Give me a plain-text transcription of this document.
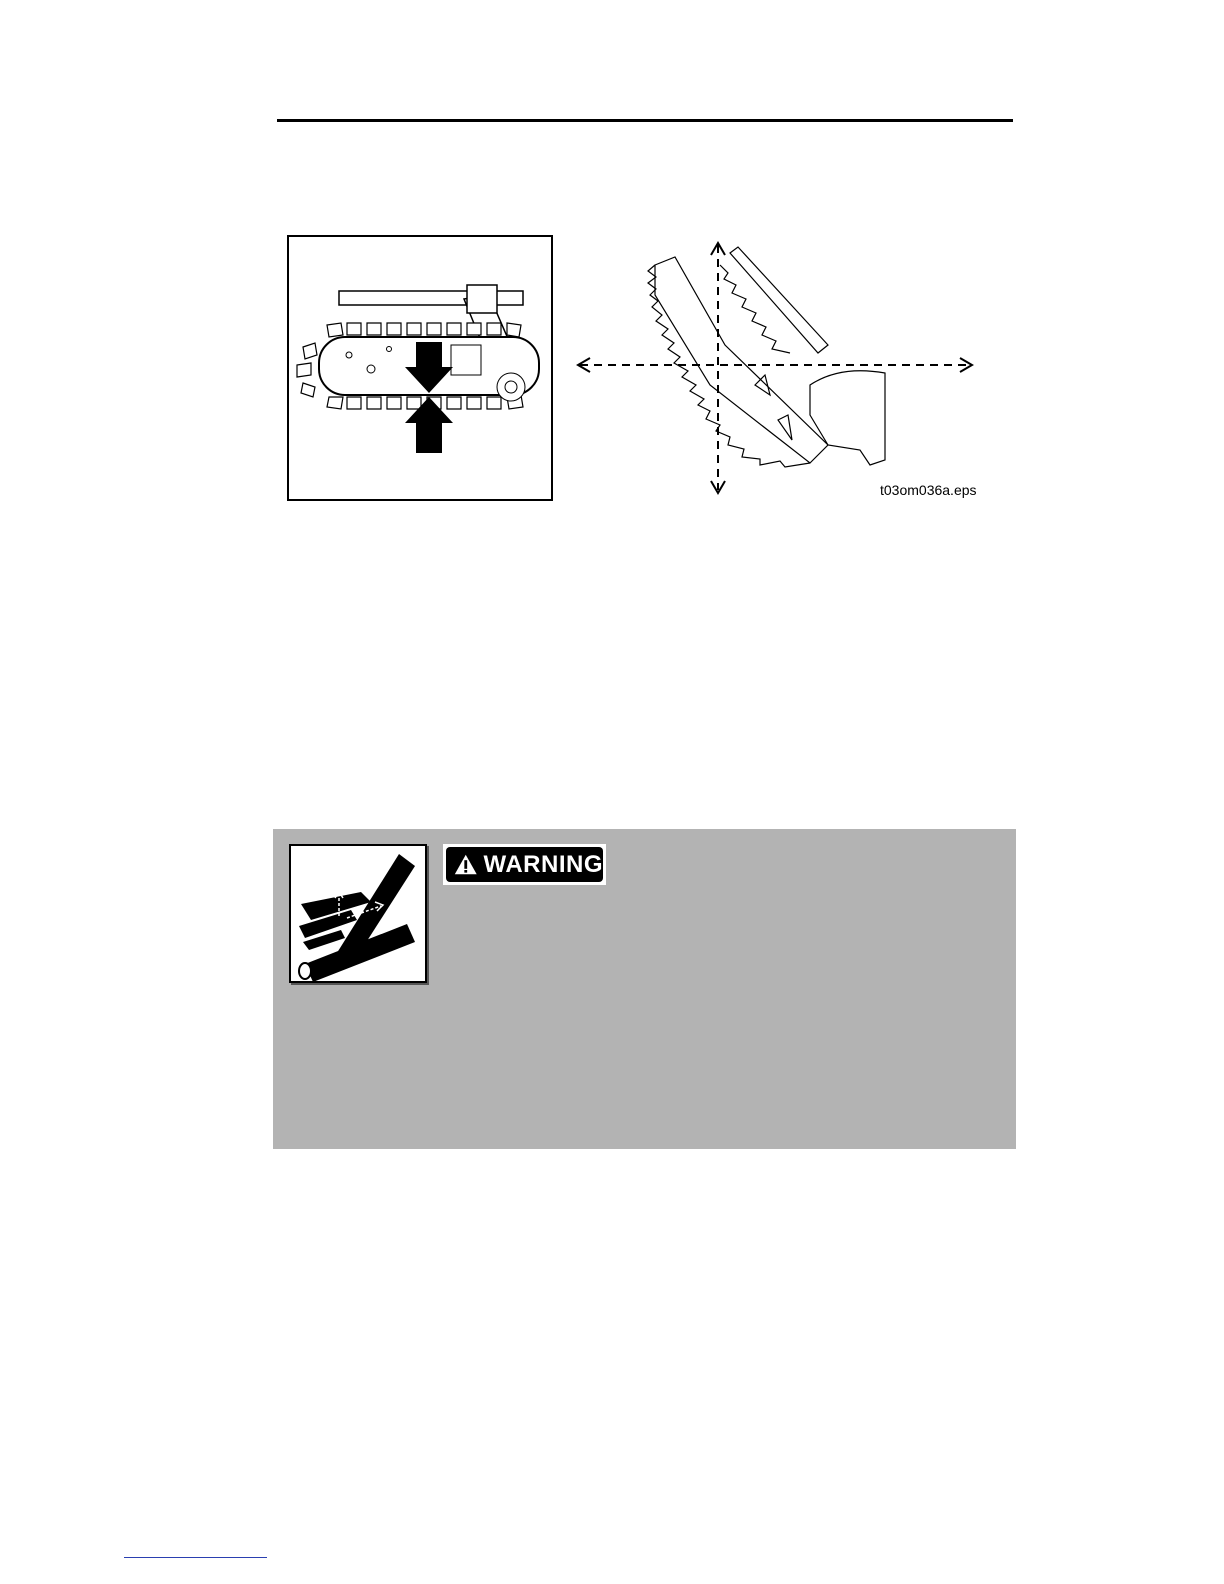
t03om036a.eps
WARNING
